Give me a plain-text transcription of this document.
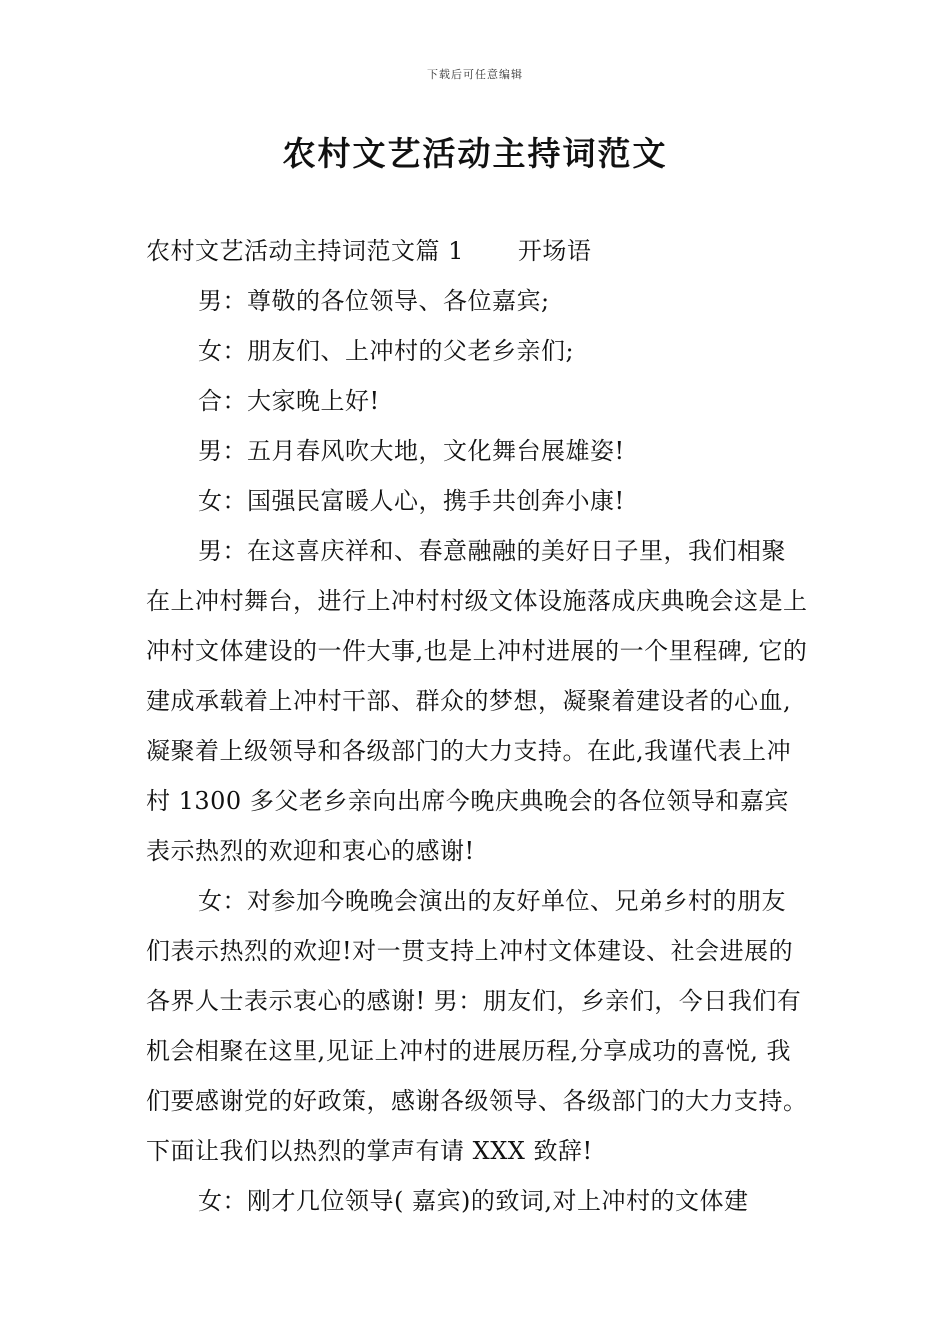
下载后可任意编辑
农村文艺活动主持词范文

农村文艺活动主持词范文篇 1 开场语

男：尊敬的各位领导、各位嘉宾;

女：朋友们、上冲村的父老乡亲们;

合：大家晚上好!

男：五月春风吹大地，文化舞台展雄姿!

女：国强民富暖人心，携手共创奔小康!

男：在这喜庆祥和、春意融融的美好日子里，我们相聚在上冲村舞台，进行上冲村村级文体设施落成庆典晚会这是上冲村文体建设的一件大事,也是上冲村进展的一个里程碑, 它的建成承载着上冲村干部、群众的梦想，凝聚着建设者的心血,凝聚着上级领导和各级部门的大力支持。在此,我谨代表上冲村 1300 多父老乡亲向出席今晚庆典晚会的各位领导和嘉宾表示热烈的欢迎和衷心的感谢!

女：对参加今晚晚会演出的友好单位、兄弟乡村的朋友们表示热烈的欢迎!对一贯支持上冲村文体建设、社会进展的各界人士表示衷心的感谢! 男：朋友们，乡亲们，今日我们有机会相聚在这里,见证上冲村的进展历程,分享成功的喜悦, 我们要感谢党的好政策，感谢各级领导、各级部门的大力支持。下面让我们以热烈的掌声有请 XXX 致辞!

女：刚才几位领导( 嘉宾)的致词,对上冲村的文体建
